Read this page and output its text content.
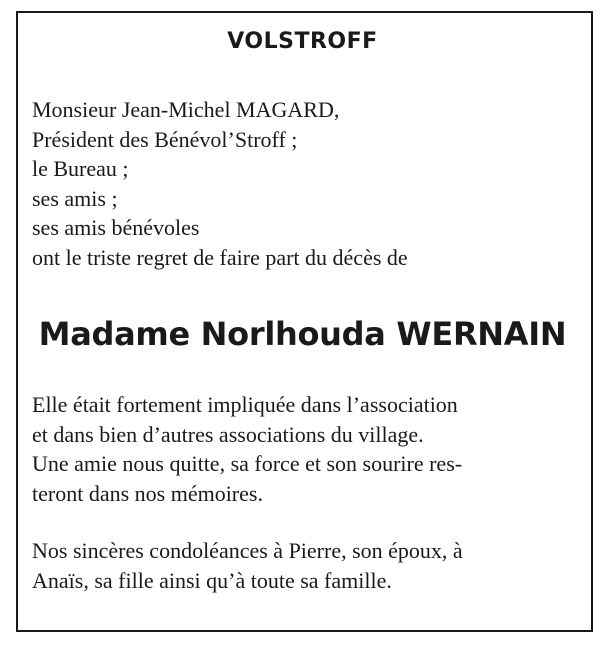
VOLSTROFF
Monsieur Jean-Michel MAGARD,
Président des Bénévol’Stroff ;
le Bureau ;
ses amis ;
ses amis bénévoles
ont le triste regret de faire part du décès de
Madame Norlhouda WERNAIN
Elle était fortement impliquée dans l’association
et dans bien d’autres associations du village.
Une amie nous quitte, sa force et son sourire res-
teront dans nos mémoires.
Nos sincères condoléances à Pierre, son époux, à
Anaïs, sa fille ainsi qu’à toute sa famille.
